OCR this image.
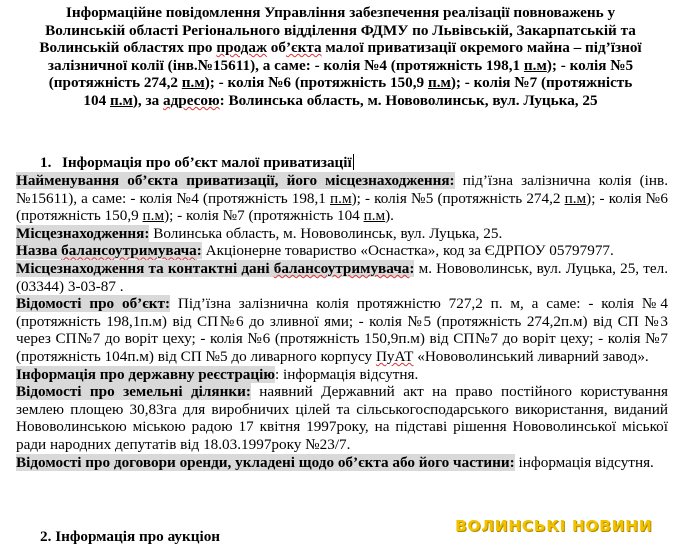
Інформаційне повідомлення Управління забезпечення реалізації повноважень у
Волинській області Регіонального відділення ФДМУ по Львівській, Закарпатській та
Волинській областях про продаж об’єкта малої приватизації окремого майна – під’їзної
залізничної колії (інв.№15611), а саме: - колія №4 (протяжність 198,1 п.м); - колія №5
(протяжність 274,2 п.м); - колія №6 (протяжність 150,9 п.м); - колія №7 (протяжність
104 п.м), за адресою: Волинська область, м. Нововолинськ, вул. Луцька, 25
1. Інформація про об’єкт малої приватизації

Найменування об’єкта приватизації, його місцезнаходження: під’їзна залізнична колія (інв.№15611), а саме: - колія №4 (протяжність 198,1 п.м); - колія №5 (протяжність 274,2 п.м); - колія №6 (протяжність 150,9 п.м); - колія №7 (протяжність 104 п.м).

Місцезнаходження: Волинська область, м. Нововолинськ, вул. Луцька, 25.

Назва балансоутримувача: Акціонерне товариство «Оснастка», код за ЄДРПОУ 05797977.

Місцезнаходження та контактні дані балансоутримувача: м. Нововолинськ, вул. Луцька, 25, тел.(03344) 3-03-87 .

Відомості про об’єкт: Під’їзна залізнична колія протяжністю 727,2 п. м, а саме: - колія №4 (протяжність 198,1п.м) від СП№6 до зливної ями; - колія №5 (протяжність 274,2п.м) від СП №3 через СП№7 до воріт цеху; - колія №6 (протяжність 150,9п.м) від СП№7 до воріт цеху; - колія №7 (протяжність 104п.м) від СП №5 до ливарного корпусу ПуАТ «Нововолинський ливарний завод».

Інформація про державну реєстрацію: інформація відсутня.

Відомості про земельні ділянки: наявний Державний акт на право постійного користування землею площею 30,83га для виробничих цілей та сільськогосподарського використання, виданий Нововолинською міською радою 17 квітня 1997року, на підставі рішення Нововолинської міської ради народних депутатів від 18.03.1997року №23/7.

Відомості про договори оренди, укладені щодо об’єкта або його частини: інформація відсутня.

2. Інформація про аукціон
ВОЛИНСЬКІ НОВИНИ
